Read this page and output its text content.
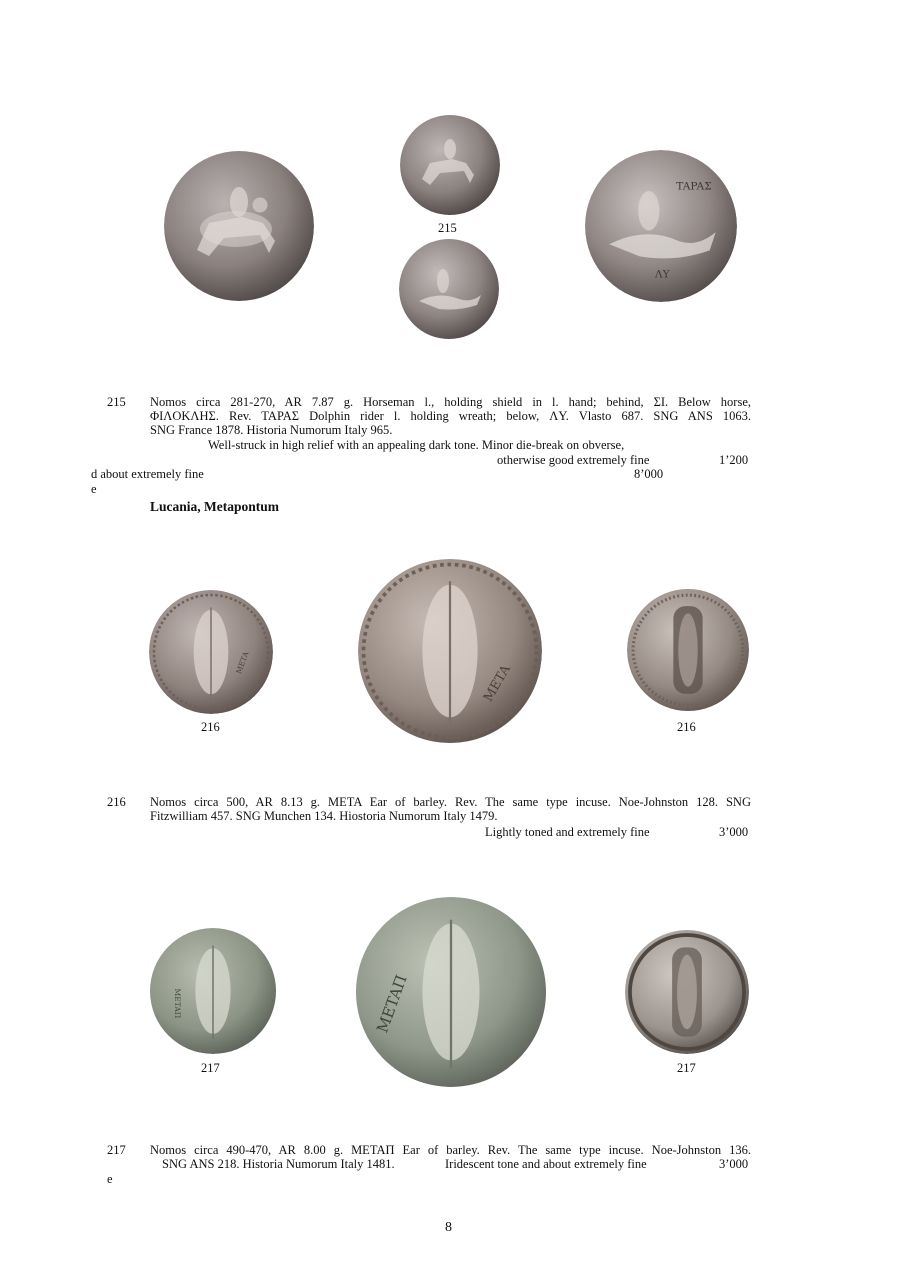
215
TAPAΣ
ΛY
215 Nomos circa 281-270, AR 7.87 g. Horseman l., holding shield in l. hand; behind, ΣI. Below horse,
ΦIΛOKΛHΣ. Rev. TAPAΣ Dolphin rider l. holding wreath; below, ΛY. Vlasto 687. SNG ANS 1063.
SNG France 1878. Historia Numorum Italy 965.
Well-struck in high relief with an appealing dark tone. Minor die-break on obverse,
otherwise good extremely fine	1’200
d about extremely fine	8’000
e
Lucania, Metapontum
META	META
216	216
216 Nomos circa 500, AR 8.13 g. META Ear of barley. Rev. The same type incuse. Noe-Johnston 128. SNG
Fitzwilliam 457. SNG Munchen 134. Hiostoria Numorum Italy 1479.
Lightly toned and extremely fine	3’000
METAΠ	METAΠ
217	217
217 Nomos circa 490-470, AR 8.00 g. METAΠ Ear of barley. Rev. The same type incuse. Noe-Johnston 136.
SNG ANS 218. Historia Numorum Italy 1481.	Iridescent tone and about extremely fine	3’000
e
8
